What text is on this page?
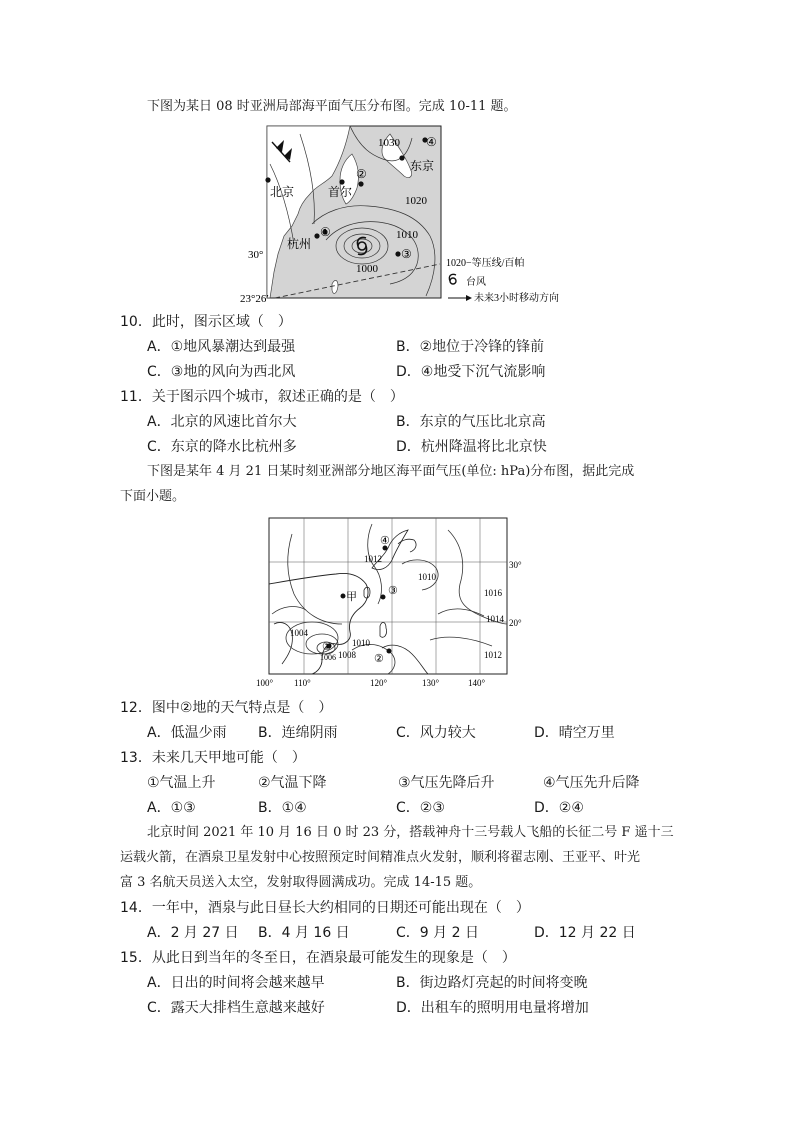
下图为某日 08 时亚洲局部海平面气压分布图。完成 10-11 题。
1030
1020
1010
1000
北京	首尔
东京
杭州
30°
23°26′
①
②
③
④
1020−等压线/百帕
台风
未来3小时移动方向
10．此时，图示区域（　）
A．①地风暴潮达到最强	B．②地位于冷锋的锋前
C．③地的风向为西北风	D．④地受下沉气流影响
11．关于图示四个城市，叙述正确的是（　）
A．北京的风速比首尔大	B．东京的气压比北京高
C．东京的降水比杭州多	D．杭州降温将比北京快
下图是某年 4 月 21 日某时刻亚洲部分地区海平面气压(单位: hPa)分布图，据此完成
下面小题。
甲
④
③
①
②
1012
1010
1016
1014
1012
1004
1010
1008
1006
30°
20°
100° 110°	120°	130°	140°
12．图中②地的天气特点是（　）
A．低温少雨 B．连绵阴雨	C．风力较大	D．晴空万里
13．未来几天甲地可能（　）
①气温上升	②气温下降	③气压先降后升	④气压先升后降
A．①③	B．①④	C．②③	D．②④
北京时间 2021 年 10 月 16 日 0 时 23 分，搭载神舟十三号载人飞船的长征二号 F 遥十三
运载火箭，在酒泉卫星发射中心按照预定时间精准点火发射，顺利将翟志刚、王亚平、叶光
富 3 名航天员送入太空，发射取得圆满成功。完成 14-15 题。
14．一年中，酒泉与此日昼长大约相同的日期还可能出现在（　）
A．2 月 27 日 B．4 月 16 日	C．9 月 2 日	D．12 月 22 日
15．从此日到当年的冬至日，在酒泉最可能发生的现象是（　）
A．日出的时间将会越来越早	B．街边路灯亮起的时间将变晚
C．露天大排档生意越来越好	D．出租车的照明用电量将增加
